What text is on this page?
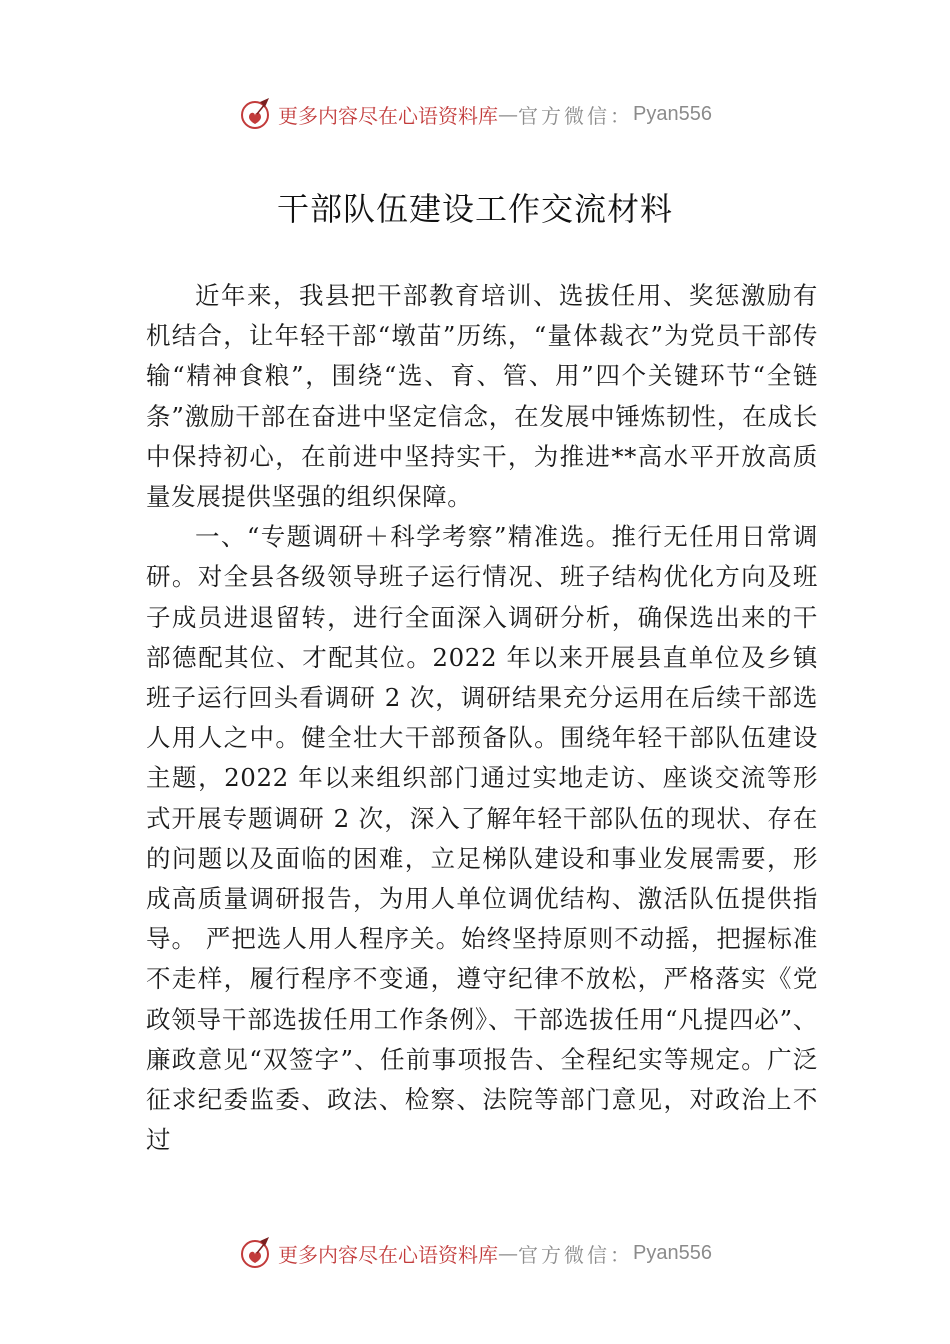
更多内容尽在心语资料库 — 官方微信： Pyan556
干部队伍建设工作交流材料

近年来，我县把干部教育培训、选拔任用、奖惩激励有机结合，让年轻干部“墩苗”历练，“量体裁衣”为党员干部传输“精神食粮”，围绕“选、育、管、用”四个关键环节“全链条”激励干部在奋进中坚定信念，在发展中锤炼韧性，在成长中保持初心，在前进中坚持实干，为推进**高水平开放高质量发展提供坚强的组织保障。

一、“专题调研＋科学考察”精准选。推行无任用日常调研。对全县各级领导班子运行情况、班子结构优化方向及班子成员进退留转，进行全面深入调研分析，确保选出来的干部德配其位、才配其位。2022 年以来开展县直单位及乡镇班子运行回头看调研 2 次，调研结果充分运用在后续干部选人用人之中。健全壮大干部预备队。围绕年轻干部队伍建设主题，2022 年以来组织部门通过实地走访、座谈交流等形式开展专题调研 2 次，深入了解年轻干部队伍的现状、存在的问题以及面临的困难，立足梯队建设和事业发展需要，形成高质量调研报告，为用人单位调优结构、激活队伍提供指导。 严把选人用人程序关。始终坚持原则不动摇，把握标准不走样，履行程序不变通，遵守纪律不放松，严格落实《党政领导干部选拔任用工作条例》、干部选拔任用“凡提四必”、廉政意见“双签字”、任前事项报告、全程纪实等规定。广泛征求纪委监委、政法、检察、法院等部门意见，对政治上不过

更多内容尽在心语资料库 — 官方微信： Pyan556
